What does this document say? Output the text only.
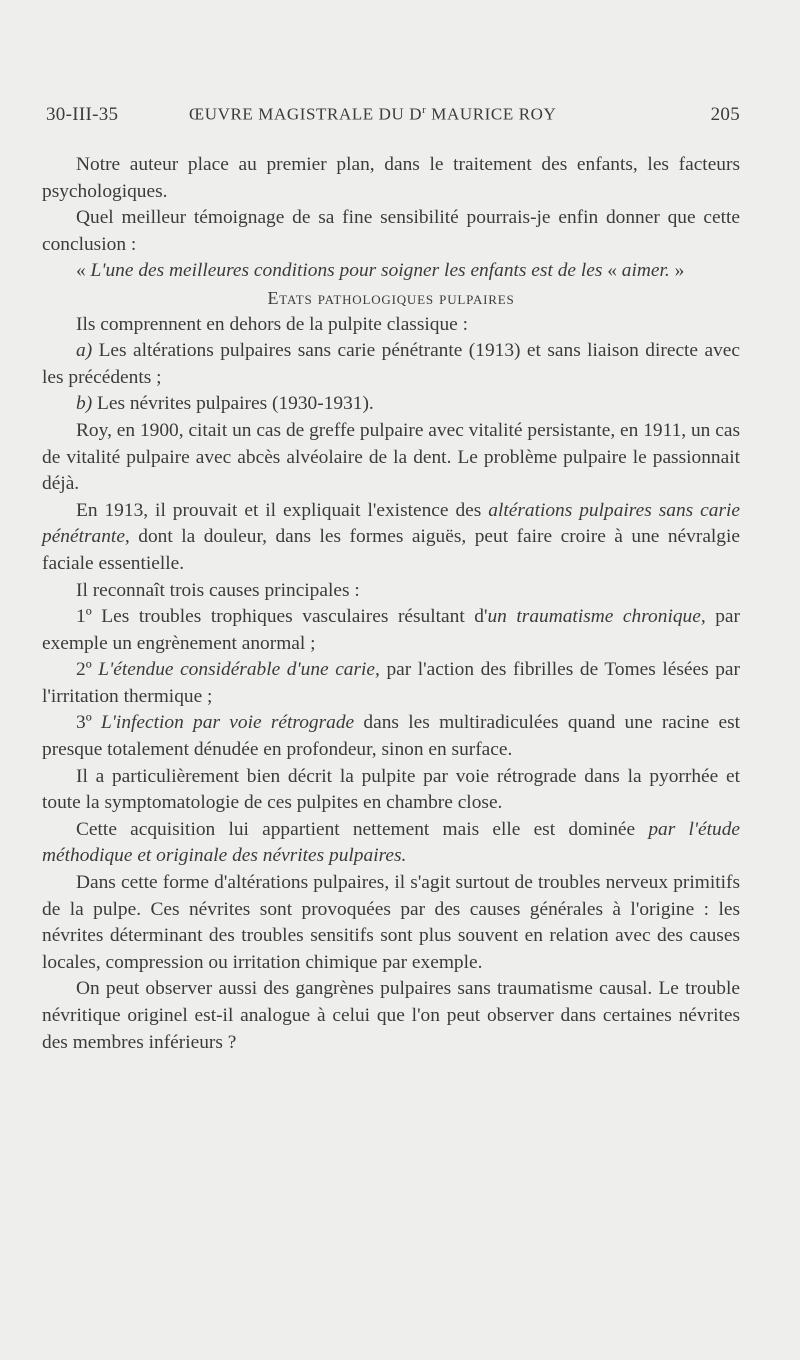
30-III-35	ŒUVRE MAGISTRALE DU $D^r$ MAURICE ROY	205

Notre auteur place au premier plan, dans le traitement des enfants, les facteurs psychologiques.

Quel meilleur témoignage de sa fine sensibilité pourrais-je enfin donner que cette conclusion :

« L'une des meilleures conditions pour soigner les enfants est de les « aimer. »

Etats pathologiques pulpaires

Ils comprennent en dehors de la pulpite classique :

a) Les altérations pulpaires sans carie pénétrante (1913) et sans liaison directe avec les précédents ;

b) Les névrites pulpaires (1930-1931).

Roy, en 1900, citait un cas de greffe pulpaire avec vitalité persistante, en 1911, un cas de vitalité pulpaire avec abcès alvéolaire de la dent. Le problème pulpaire le passionnait déjà.

En 1913, il prouvait et il expliquait l'existence des altérations pulpaires sans carie pénétrante, dont la douleur, dans les formes aiguës, peut faire croire à une névralgie faciale essentielle.

Il reconnaît trois causes principales :

1º Les troubles trophiques vasculaires résultant d'un traumatisme chronique, par exemple un engrènement anormal ;

2º L'étendue considérable d'une carie, par l'action des fibrilles de Tomes lésées par l'irritation thermique ;

3º L'infection par voie rétrograde dans les multiradiculées quand une racine est presque totalement dénudée en profondeur, sinon en surface.

Il a particulièrement bien décrit la pulpite par voie rétrograde dans la pyorrhée et toute la symptomatologie de ces pulpites en chambre close.

Cette acquisition lui appartient nettement mais elle est dominée par l'étude méthodique et originale des névrites pulpaires.

Dans cette forme d'altérations pulpaires, il s'agit surtout de troubles nerveux primitifs de la pulpe. Ces névrites sont provoquées par des causes générales à l'origine : les névrites déterminant des troubles sensitifs sont plus souvent en relation avec des causes locales, compression ou irritation chimique par exemple.

On peut observer aussi des gangrènes pulpaires sans traumatisme causal. Le trouble névritique originel est-il analogue à celui que l'on peut observer dans certaines névrites des membres inférieurs ?
